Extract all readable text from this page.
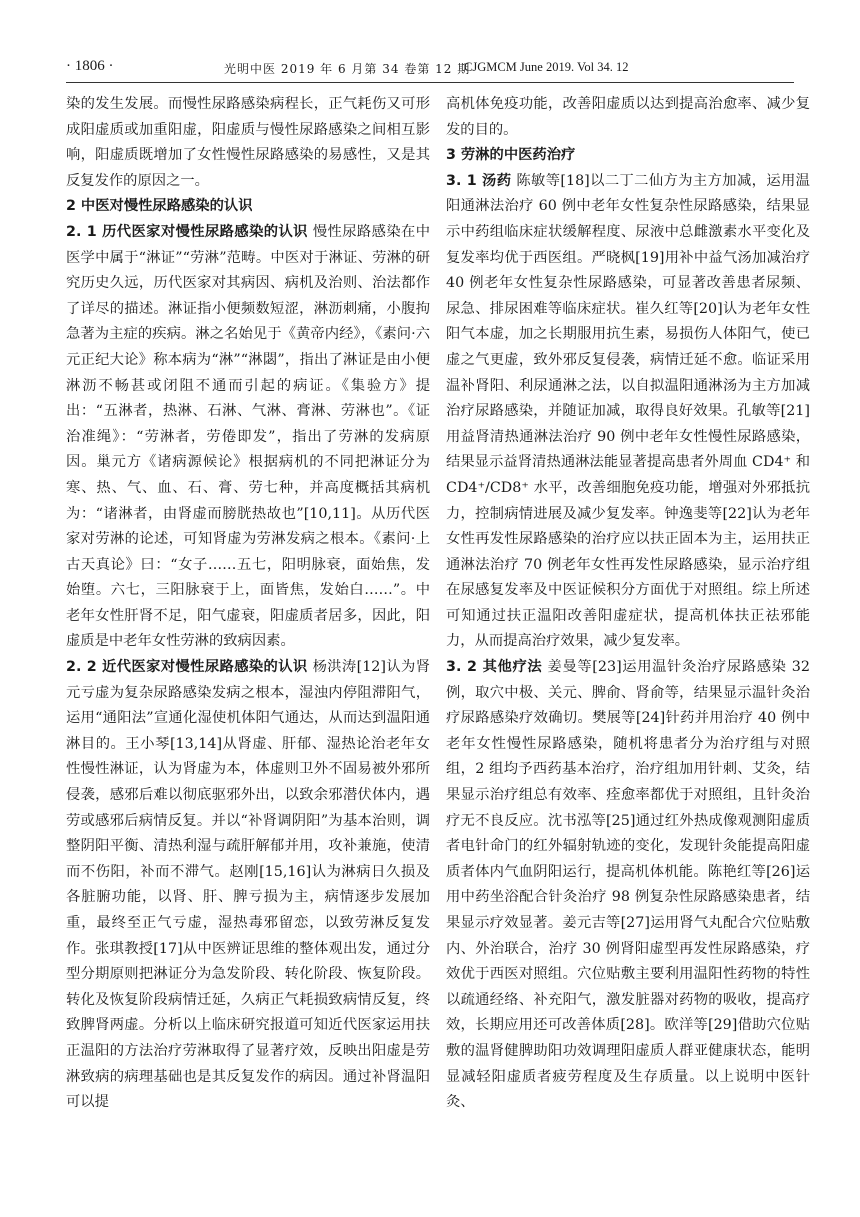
· 1806 ·	光明中医 2019 年 6 月第 34 卷第 12 期
CJGMCM June 2019. Vol 34. 12

染的发生发展。而慢性尿路感染病程长，正气耗伤又可形成阳虚质或加重阳虚，阳虚质与慢性尿路感染之间相互影响，阳虚质既增加了女性慢性尿路感染的易感性，又是其反复发作的原因之一。

2 中医对慢性尿路感染的认识

2. 1 历代医家对慢性尿路感染的认识 慢性尿路感染在中医学中属于“淋证”“劳淋”范畴。中医对于淋证、劳淋的研究历史久远，历代医家对其病因、病机及治则、治法都作了详尽的描述。淋证指小便频数短涩，淋沥刺痛，小腹拘急著为主症的疾病。淋之名始见于《黄帝内经》，《素问·六元正纪大论》称本病为“淋”“淋閟”，指出了淋证是由小便淋沥不畅甚或闭阻不通而引起的病证。《集验方》提出：“五淋者，热淋、石淋、气淋、膏淋、劳淋也”。《证治准绳》：“劳淋者，劳倦即发”，指出了劳淋的发病原因。巢元方《诸病源候论》根据病机的不同把淋证分为寒、热、气、血、石、膏、劳七种，并高度概括其病机为：“诸淋者，由肾虚而膀胱热故也”[10,11]。从历代医家对劳淋的论述，可知肾虚为劳淋发病之根本。《素问·上古天真论》曰：“女子……五七，阳明脉衰，面始焦，发始堕。六七，三阳脉衰于上，面皆焦，发始白……”。中老年女性肝肾不足，阳气虚衰，阳虚质者居多，因此，阳虚质是中老年女性劳淋的致病因素。

2. 2 近代医家对慢性尿路感染的认识 杨洪涛[12]认为肾元亏虚为复杂尿路感染发病之根本，湿浊内停阻滞阳气，运用“通阳法”宣通化湿使机体阳气通达，从而达到温阳通淋目的。王小琴[13,14]从肾虚、肝郁、湿热论治老年女性慢性淋证，认为肾虚为本，体虚则卫外不固易被外邪所侵袭，感邪后难以彻底驱邪外出，以致余邪潜伏体内，遇劳或感邪后病情反复。并以“补肾调阴阳”为基本治则，调整阴阳平衡、清热利湿与疏肝解郁并用，攻补兼施，使清而不伤阳，补而不滞气。赵刚[15,16]认为淋病日久损及各脏腑功能，以肾、肝、脾亏损为主，病情逐步发展加重，最终至正气亏虚，湿热毒邪留恋，以致劳淋反复发作。张琪教授[17]从中医辨证思维的整体观出发，通过分型分期原则把淋证分为急发阶段、转化阶段、恢复阶段。转化及恢复阶段病情迁延，久病正气耗损致病情反复，终致脾肾两虚。分析以上临床研究报道可知近代医家运用扶正温阳的方法治疗劳淋取得了显著疗效，反映出阳虚是劳淋致病的病理基础也是其反复发作的病因。通过补肾温阳可以提

高机体免疫功能，改善阳虚质以达到提高治愈率、减少复发的目的。

3 劳淋的中医药治疗

3. 1 汤药 陈敏等[18]以二丁二仙方为主方加减，运用温阳通淋法治疗 60 例中老年女性复杂性尿路感染，结果显示中药组临床症状缓解程度、尿液中总雌激素水平变化及复发率均优于西医组。严晓枫[19]用补中益气汤加减治疗 40 例老年女性复杂性尿路感染，可显著改善患者尿频、尿急、排尿困难等临床症状。崔久红等[20]认为老年女性阳气本虚，加之长期服用抗生素，易损伤人体阳气，使已虚之气更虚，致外邪反复侵袭，病情迁延不愈。临证采用温补肾阳、利尿通淋之法，以自拟温阳通淋汤为主方加减治疗尿路感染，并随证加减，取得良好效果。孔敏等[21]用益肾清热通淋法治疗 90 例中老年女性慢性尿路感染，结果显示益肾清热通淋法能显著提高患者外周血 CD4⁺ 和 CD4⁺/CD8⁺ 水平，改善细胞免疫功能，增强对外邪抵抗力，控制病情进展及减少复发率。钟逸斐等[22]认为老年女性再发性尿路感染的治疗应以扶正固本为主，运用扶正通淋法治疗 70 例老年女性再发性尿路感染，显示治疗组在尿感复发率及中医证候积分方面优于对照组。综上所述可知通过扶正温阳改善阳虚症状，提高机体扶正祛邪能力，从而提高治疗效果，减少复发率。

3. 2 其他疗法 姜曼等[23]运用温针灸治疗尿路感染 32 例，取穴中极、关元、脾俞、肾俞等，结果显示温针灸治疗尿路感染疗效确切。樊展等[24]针药并用治疗 40 例中老年女性慢性尿路感染，随机将患者分为治疗组与对照组，2 组均予西药基本治疗，治疗组加用针刺、艾灸，结果显示治疗组总有效率、痊愈率都优于对照组，且针灸治疗无不良反应。沈书泓等[25]通过红外热成像观测阳虚质者电针命门的红外辐射轨迹的变化，发现针灸能提高阳虚质者体内气血阴阳运行，提高机体机能。陈艳红等[26]运用中药坐浴配合针灸治疗 98 例复杂性尿路感染患者，结果显示疗效显著。姜元吉等[27]运用肾气丸配合穴位贴敷内、外治联合，治疗 30 例肾阳虚型再发性尿路感染，疗效优于西医对照组。穴位贴敷主要利用温阳性药物的特性以疏通经络、补充阳气，激发脏器对药物的吸收，提高疗效，长期应用还可改善体质[28]。欧洋等[29]借助穴位贴敷的温肾健脾助阳功效调理阳虚质人群亚健康状态，能明显减轻阳虚质者疲劳程度及生存质量。以上说明中医针灸、
